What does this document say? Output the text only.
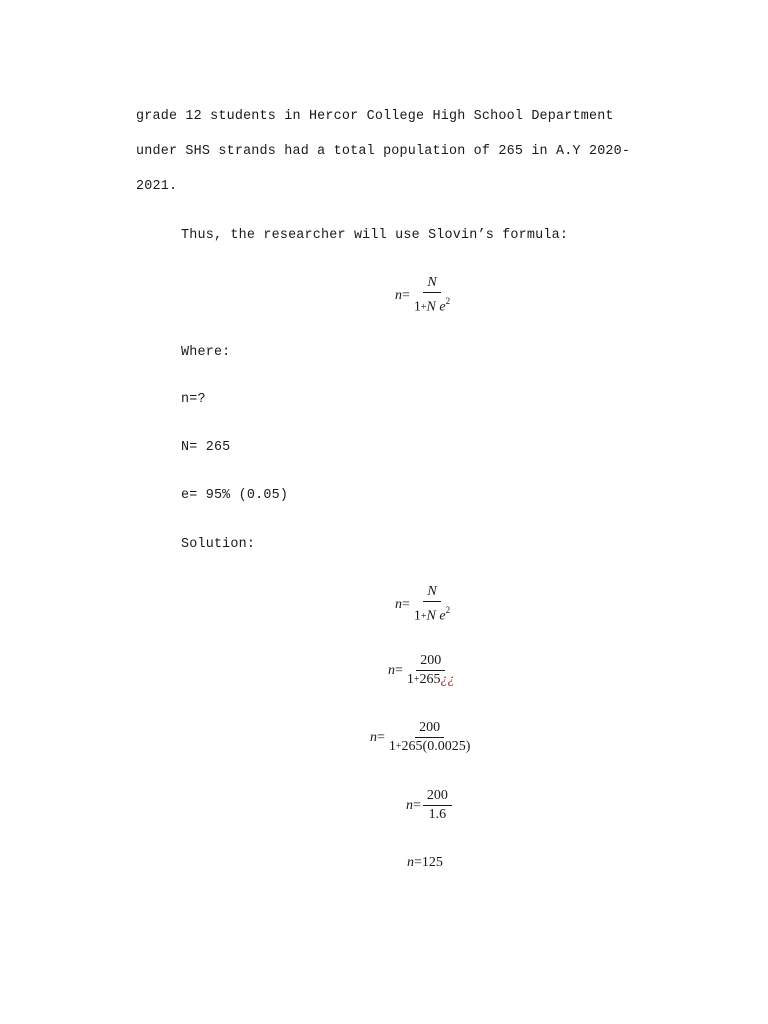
grade 12 students in Hercor College High School Department
under SHS strands had a total population of 265 in A.Y 2020-
2021.
Thus, the researcher will use Slovin’s formula:
$n = \frac{N}{1+N e^2}$
Where:
n=?
N= 265
e= 95% (0.05)
Solution:
$n = \frac{N}{1+N e^2}$
$n = \frac{200}{1+265¿¿}$
$n = \frac{200}{1+265(0.0025)}$
$n = \frac{200}{1.6}$
n = 125
